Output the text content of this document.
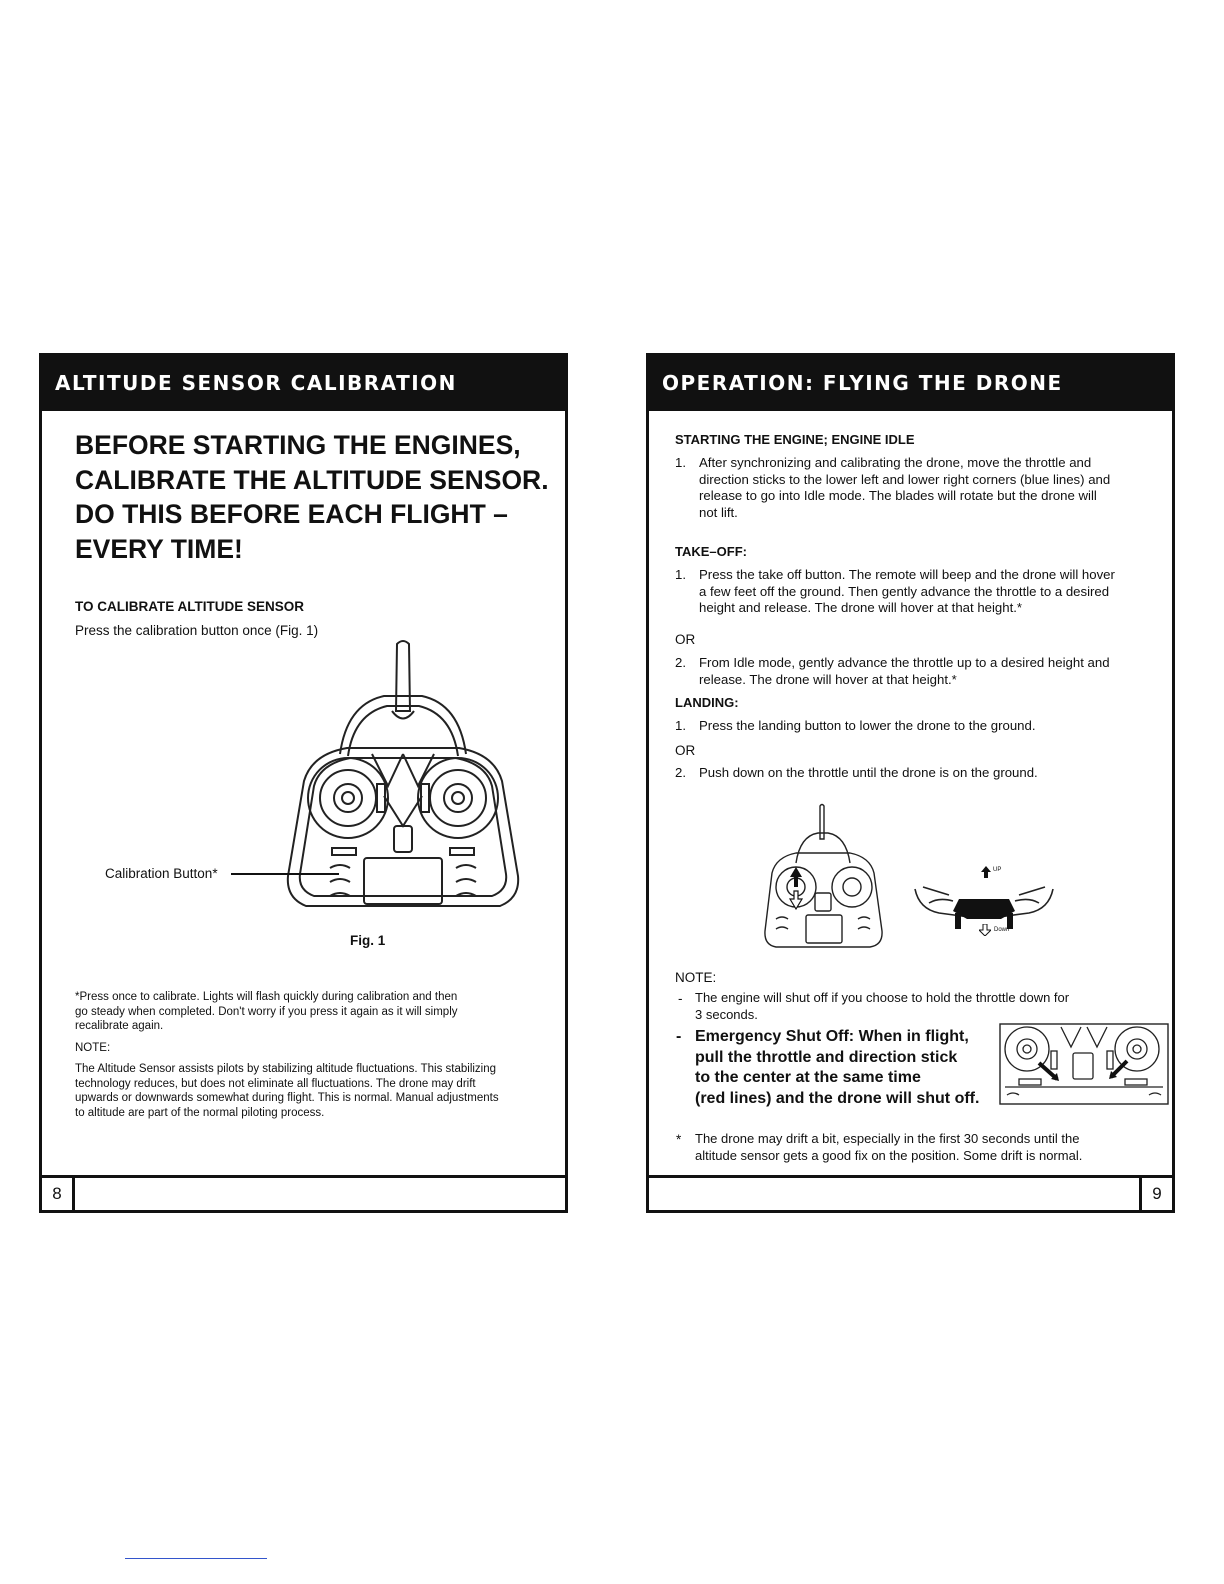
ALTITUDE SENSOR CALIBRATION
BEFORE STARTING THE ENGINES,
CALIBRATE THE ALTITUDE SENSOR.
DO THIS BEFORE EACH FLIGHT –
EVERY TIME!
TO CALIBRATE ALTITUDE SENSOR
Press the calibration button once (Fig. 1)
Calibration Button*
Fig. 1
*Press once to calibrate. Lights will flash quickly during calibration and then
go steady when completed. Don't worry if you press it again as it will simply
recalibrate again.
NOTE:
The Altitude Sensor assists pilots by stabilizing altitude fluctuations. This stabilizing
technology reduces, but does not eliminate all fluctuations. The drone may drift
upwards or downwards somewhat during flight. This is normal. Manual adjustments
to altitude are part of the normal piloting process.
8
OPERATION: FLYING THE DRONE
STARTING THE ENGINE; ENGINE IDLE
1. After synchronizing and calibrating the drone, move the throttle and
direction sticks to the lower left and lower right corners (blue lines) and
release to go into Idle mode. The blades will rotate but the drone will
not lift.
TAKE–OFF:
1. Press the take off button. The remote will beep and the drone will hover
a few feet off the ground. Then gently advance the throttle to a desired
height and release. The drone will hover at that height.*
OR
2. From Idle mode, gently advance the throttle up to a desired height and
release. The drone will hover at that height.*
LANDING:
1. Press the landing button to lower the drone to the ground.
OR
2. Push down on the throttle until the drone is on the ground.
UP
Down
NOTE:
- The engine will shut off if you choose to hold the throttle down for
3 seconds.
- Emergency Shut Off: When in flight,
pull the throttle and direction stick
to the center at the same time
(red lines) and the drone will shut off.
* The drone may drift a bit, especially in the first 30 seconds until the
altitude sensor gets a good fix on the position. Some drift is normal.
9
